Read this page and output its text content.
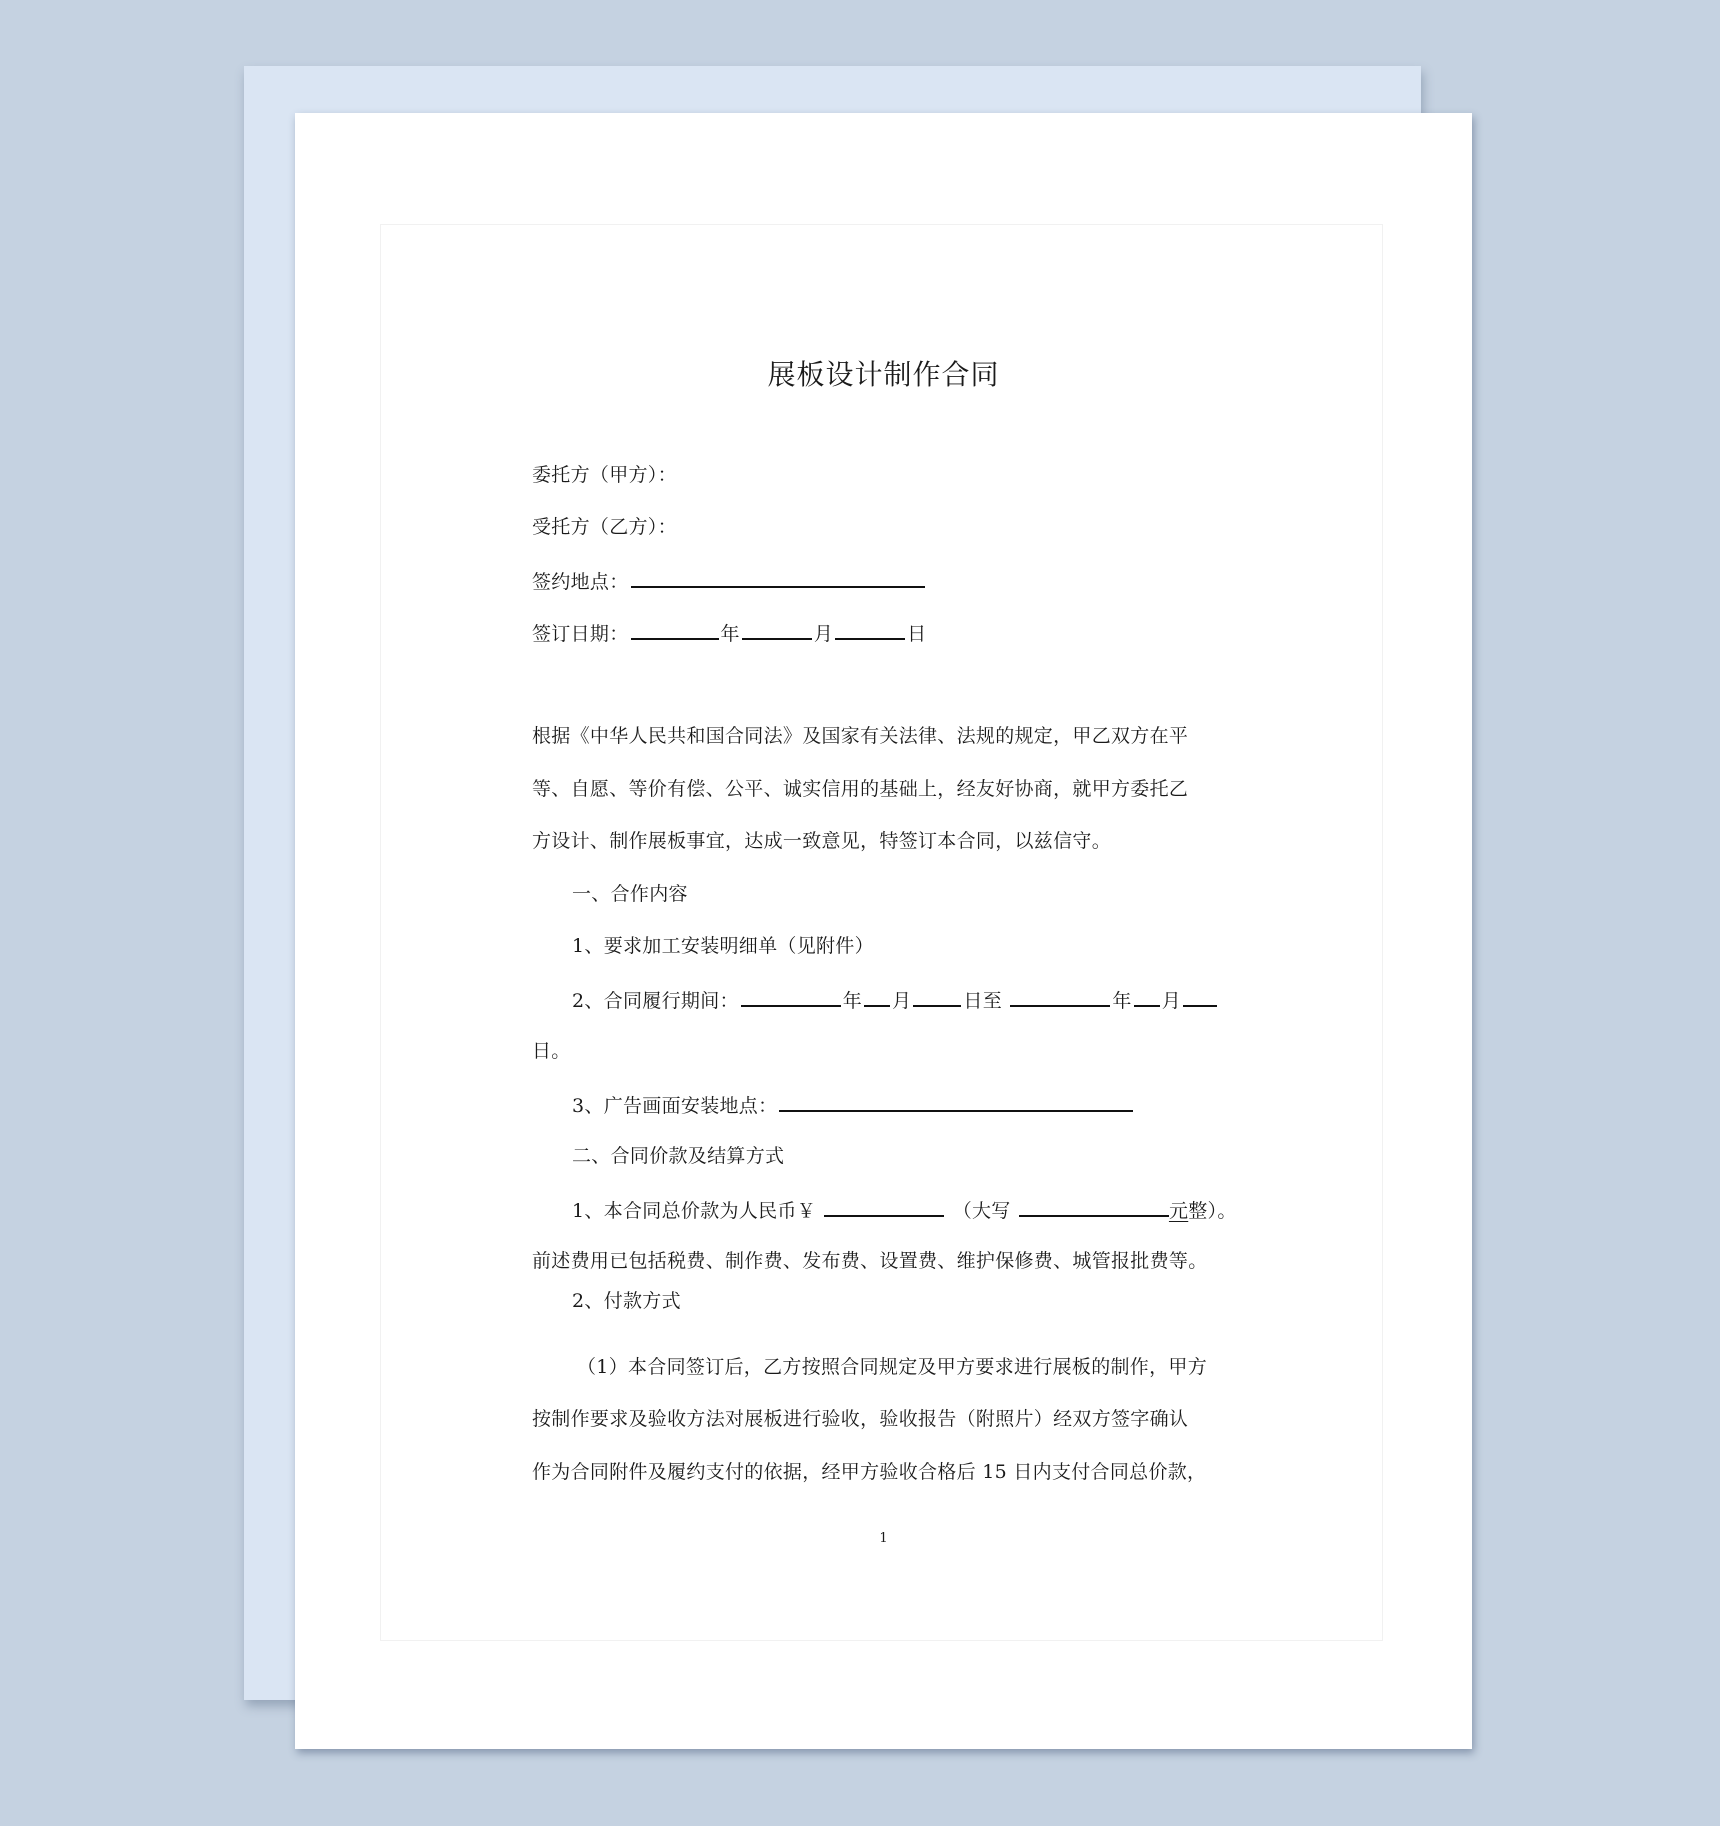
展板设计制作合同
委托方（甲方）：
受托方（乙方）：
签约地点：
签订日期：	年	月	日
根据《中华人民共和国合同法》及国家有关法律、法规的规定，甲乙双方在平
等、自愿、等价有偿、公平、诚实信用的基础上，经友好协商，就甲方委托乙
方设计、制作展板事宜，达成一致意见，特签订本合同，以兹信守。
一、合作内容
1、要求加工安装明细单（见附件）
2、合同履行期间：	年 月	日至	年 月
日。
3、广告画面安装地点：
二、合同价款及结算方式
1、本合同总价款为人民币￥	（大写	元整）。
前述费用已包括税费、制作费、发布费、设置费、维护保修费、城管报批费等。
2、付款方式
（1）本合同签订后，乙方按照合同规定及甲方要求进行展板的制作，甲方
按制作要求及验收方法对展板进行验收，验收报告（附照片）经双方签字确认
作为合同附件及履约支付的依据，经甲方验收合格后 15 日内支付合同总价款，
1
